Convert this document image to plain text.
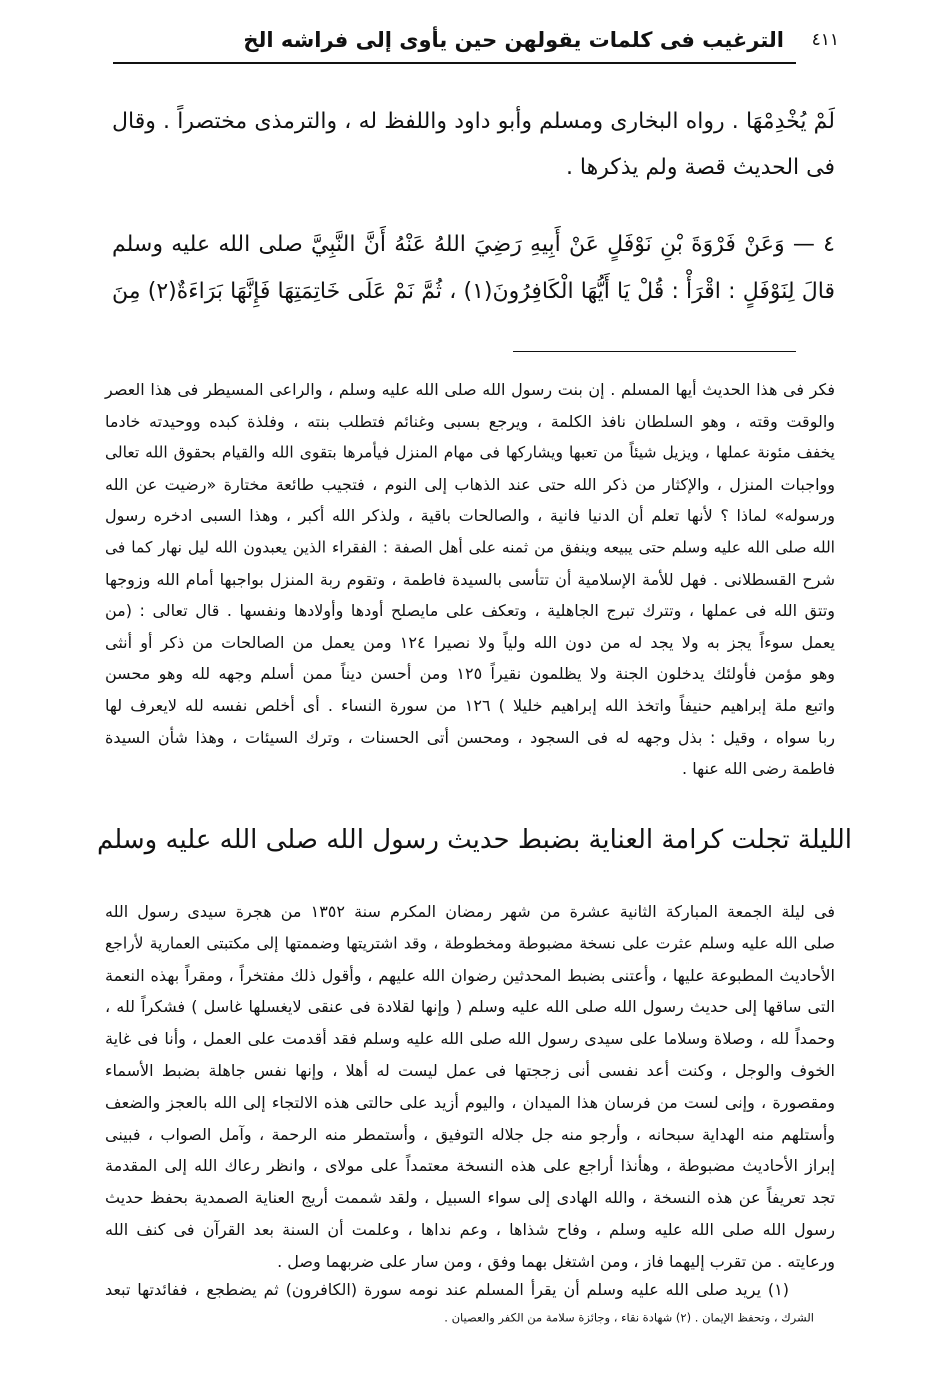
٤١١
الترغيب فى كلمات يقولهن حين يأوى إلى فراشه الخ
الليلة تجلت كرامة العناية بضبط حديث رسول الله صلى الله عليه وسلم
لَمْ يُخْدِمْهَا . رواه البخارى ومسلم وأبو داود واللفظ له ، والترمذى مختصراً . وقال
فى الحديث قصة ولم يذكرها .
٤ — وَعَنْ فَرْوَةَ بْنِ نَوْفَلٍ عَنْ أَبِيهِ رَضِيَ اللهُ عَنْهُ أَنَّ النَّبِيَّ صلى الله عليه وسلم
قالَ لِنَوْفَلٍ : اقْرَأْ : قُلْ يَا أَيُّهَا الْكَافِرُونَ(١) ، ثُمَّ نَمْ عَلَى خَاتِمَتِهَا فَإِنَّهَا بَرَاءَةٌ(٢) مِنَ
فكر فى هذا الحديث أيها المسلم . إن بنت رسول الله صلى الله عليه وسلم ، والراعى المسيطر فى هذا العصر
والوقت وقته ، وهو السلطان نافذ الكلمة ، ويرجع بسبى وغنائم فتطلب بنته ، وفلذة كبده ووحيدته خادما
يخفف مئونة عملها ، ويزيل شيئاً من تعبها ويشاركها فى مهام المنزل فيأمرها بتقوى الله والقيام بحقوق الله تعالى
وواجبات المنزل ، والإكثار من ذكر الله حتى عند الذهاب إلى النوم ، فتجيب طائعة مختارة «رضيت عن الله
ورسوله» لماذا ؟ لأنها تعلم أن الدنيا فانية ، والصالحات باقية ، ولذكر الله أكبر ، وهذا السبى ادخره رسول
الله صلى الله عليه وسلم حتى يبيعه وينفق من ثمنه على أهل الصفة : الفقراء الذين يعبدون الله ليل نهار كما فى
شرح القسطلانى . فهل للأمة الإسلامية أن تتأسى بالسيدة فاطمة ، وتقوم ربة المنزل بواجبها أمام الله وزوجها
وتتق الله فى عملها ، وتترك تبرج الجاهلية ، وتعكف على مايصلح أودها وأولادها ونفسها . قال تعالى : (من
يعمل سوءاً يجز به ولا يجد له من دون الله ولياً ولا نصيرا ١٢٤ ومن يعمل من الصالحات من ذكر أو أنثى
وهو مؤمن فأولئك يدخلون الجنة ولا يظلمون نقيراً ١٢٥ ومن أحسن ديناً ممن أسلم وجهه لله وهو محسن
واتبع ملة إبراهيم حنيفاً واتخذ الله إبراهيم خليلا ) ١٢٦ من سورة النساء . أى أخلص نفسه لله لايعرف لها
ربا سواه ، وقيل : بذل وجهه له فى السجود ، ومحسن أتى الحسنات ، وترك السيئات ، وهذا شأن السيدة
فاطمة رضى الله عنها .
فى ليلة الجمعة المباركة الثانية عشرة من شهر رمضان المكرم سنة ١٣٥٢ من هجرة سيدى رسول الله
صلى الله عليه وسلم عثرت على نسخة مضبوطة ومخطوطة ، وقد اشتريتها وضممتها إلى مكتبتى العمارية لأراجع
الأحاديث المطبوعة عليها ، وأعتنى بضبط المحدثين رضوان الله عليهم ، وأقول ذلك مفتخراً ، ومقراً بهذه النعمة
التى ساقها إلى حديث رسول الله صلى الله عليه وسلم ( وإنها لقلادة فى عنقى لايغسلها غاسل ) فشكراً لله ،
وحمداً لله ، وصلاة وسلاما على سيدى رسول الله صلى الله عليه وسلم فقد أقدمت على العمل ، وأنا فى غاية
الخوف والوجل ، وكنت أعد نفسى أنى زججتها فى عمل ليست له أهلا ، وإنها نفس جاهلة بضبط الأسماء
ومقصورة ، وإنى لست من فرسان هذا الميدان ، واليوم أزيد على حالتى هذه الالتجاء إلى الله بالعجز والضعف
وأستلهم منه الهداية سبحانه ، وأرجو منه جل جلاله التوفيق ، وأستمطر منه الرحمة ، وآمل الصواب ، فبينى
إبراز الأحاديث مضبوطة ، وهأنذا أراجع على هذه النسخة معتمداً على مولاى ، وانظر رعاك الله إلى المقدمة
تجد تعريفاً عن هذه النسخة ، والله الهادى إلى سواء السبيل ، ولقد شممت أريج العناية الصمدية بحفظ حديث
رسول الله صلى الله عليه وسلم ، وفاح شذاها ، وعم نداها ، وعلمت أن السنة بعد القرآن فى كنف الله
ورعايته . من تقرب إليهما فاز ، ومن اشتغل بهما وفق ، ومن سار على ضربهما وصل .
(١) يريد صلى الله عليه وسلم أن يقرأ المسلم عند نومه سورة (الكافرون) ثم يضطجع ، ففائدتها تبعد
الشرك ، وتحفظ الإيمان . (٢) شهادة نقاء ، وجائزة سلامة من الكفر والعصيان .
